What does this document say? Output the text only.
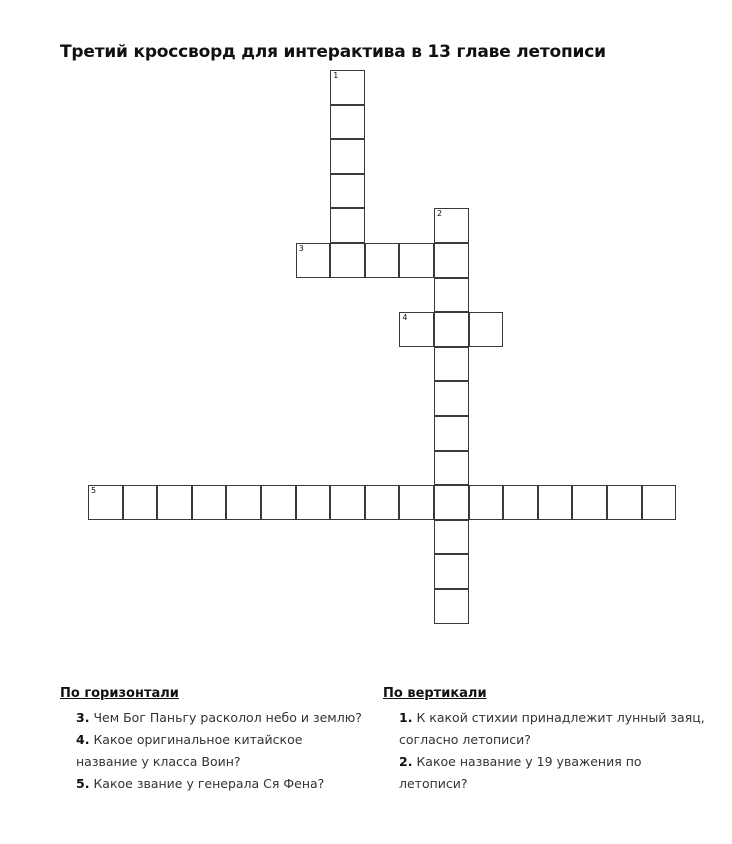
Третий кроссворд для интерактива в 13 главе летописи
1
2
3
4
5
По горизонтали
3. Чем Бог Паньгу расколол небо и землю?
4. Какое оригинальное китайское название у класса Воин?
5. Какое звание у генерала Ся Фена?
По вертикали
1. К какой стихии принадлежит лунный заяц, согласно летописи?
2. Какое название у 19 уважения по летописи?
